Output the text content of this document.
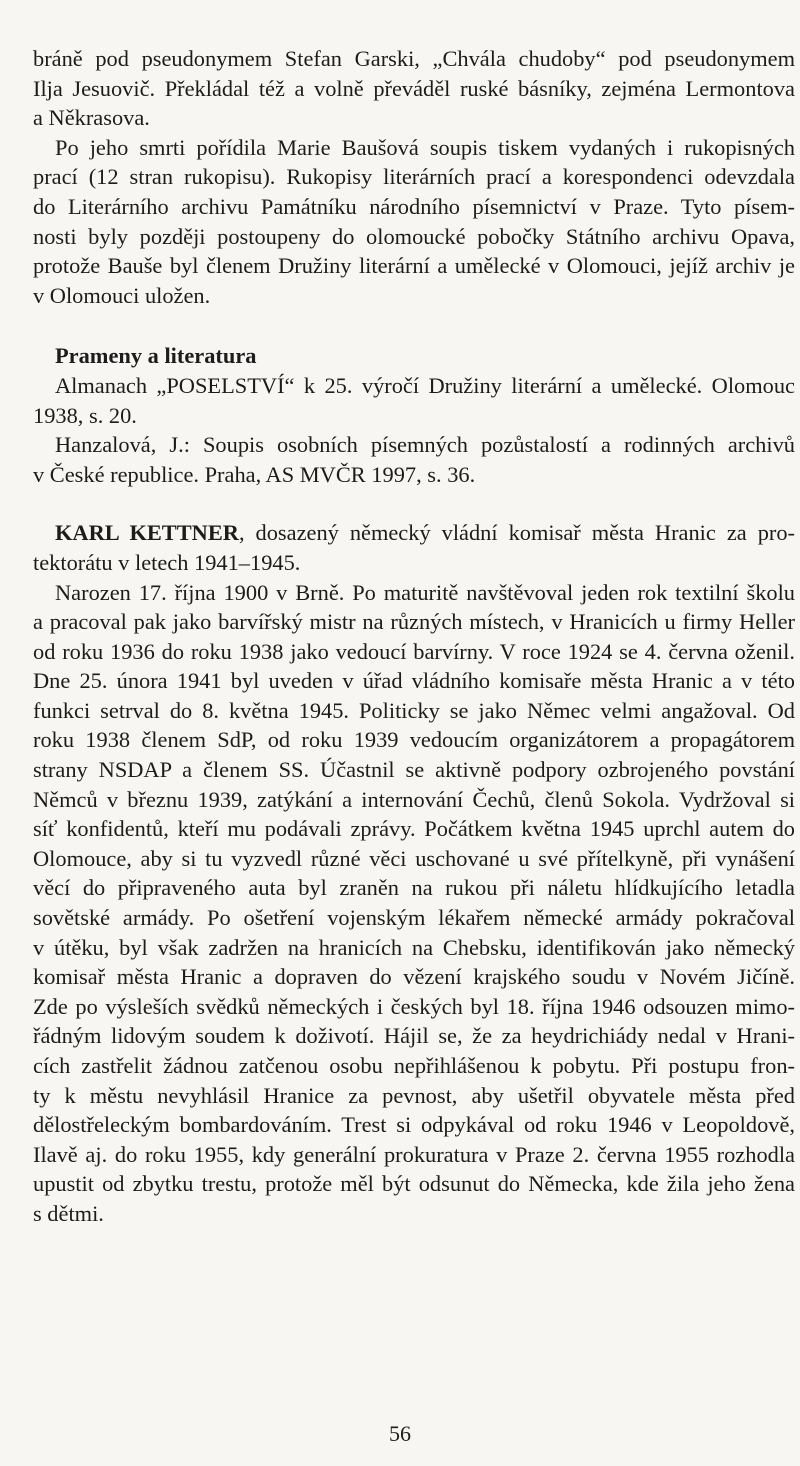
bráně pod pseudonymem Stefan Garski, „Chvála chudoby“ pod pseudonymem
Ilja Jesuovič. Překládal též a volně převáděl ruské básníky, zejména Lermontova
a Někrasova.
Po jeho smrti pořídila Marie Baušová soupis tiskem vydaných i rukopisných
prací (12 stran rukopisu). Rukopisy literárních prací a korespondenci odevzdala
do Literárního archivu Památníku národního písemnictví v Praze. Tyto písem-
nosti byly později postoupeny do olomoucké pobočky Státního archivu Opava,
protože Bauše byl členem Družiny literární a umělecké v Olomouci, jejíž archiv je
v Olomouci uložen.
Prameny a literatura
Almanach „POSELSTVÍ“ k 25. výročí Družiny literární a umělecké. Olomouc
1938, s. 20.
Hanzalová, J.: Soupis osobních písemných pozůstalostí a rodinných archivů
v České republice. Praha, AS MVČR 1997, s. 36.
KARL KETTNER, dosazený německý vládní komisař města Hranic za pro-
tektorátu v letech 1941–1945.
Narozen 17. října 1900 v Brně. Po maturitě navštěvoval jeden rok textilní školu
a pracoval pak jako barvířský mistr na různých místech, v Hranicích u firmy Heller
od roku 1936 do roku 1938 jako vedoucí barvírny. V roce 1924 se 4. června oženil.
Dne 25. února 1941 byl uveden v úřad vládního komisaře města Hranic a v této
funkci setrval do 8. května 1945. Politicky se jako Němec velmi angažoval. Od
roku 1938 členem SdP, od roku 1939 vedoucím organizátorem a propagátorem
strany NSDAP a členem SS. Účastnil se aktivně podpory ozbrojeného povstání
Němců v březnu 1939, zatýkání a internování Čechů, členů Sokola. Vydržoval si
síť konfidentů, kteří mu podávali zprávy. Počátkem května 1945 uprchl autem do
Olomouce, aby si tu vyzvedl různé věci uschované u své přítelkyně, při vynášení
věcí do připraveného auta byl zraněn na rukou při náletu hlídkujícího letadla
sovětské armády. Po ošetření vojenským lékařem německé armády pokračoval
v útěku, byl však zadržen na hranicích na Chebsku, identifikován jako německý
komisař města Hranic a dopraven do vězení krajského soudu v Novém Jičíně.
Zde po výsleších svědků německých i českých byl 18. října 1946 odsouzen mimo-
řádným lidovým soudem k doživotí. Hájil se, že za heydrichiády nedal v Hrani-
cích zastřelit žádnou zatčenou osobu nepřihlášenou k pobytu. Při postupu fron-
ty k městu nevyhlásil Hranice za pevnost, aby ušetřil obyvatele města před
dělostřeleckým bombardováním. Trest si odpykával od roku 1946 v Leopoldově,
Ilavě aj. do roku 1955, kdy generální prokuratura v Praze 2. června 1955 rozhodla
upustit od zbytku trestu, protože měl být odsunut do Německa, kde žila jeho žena
s dětmi.
56
